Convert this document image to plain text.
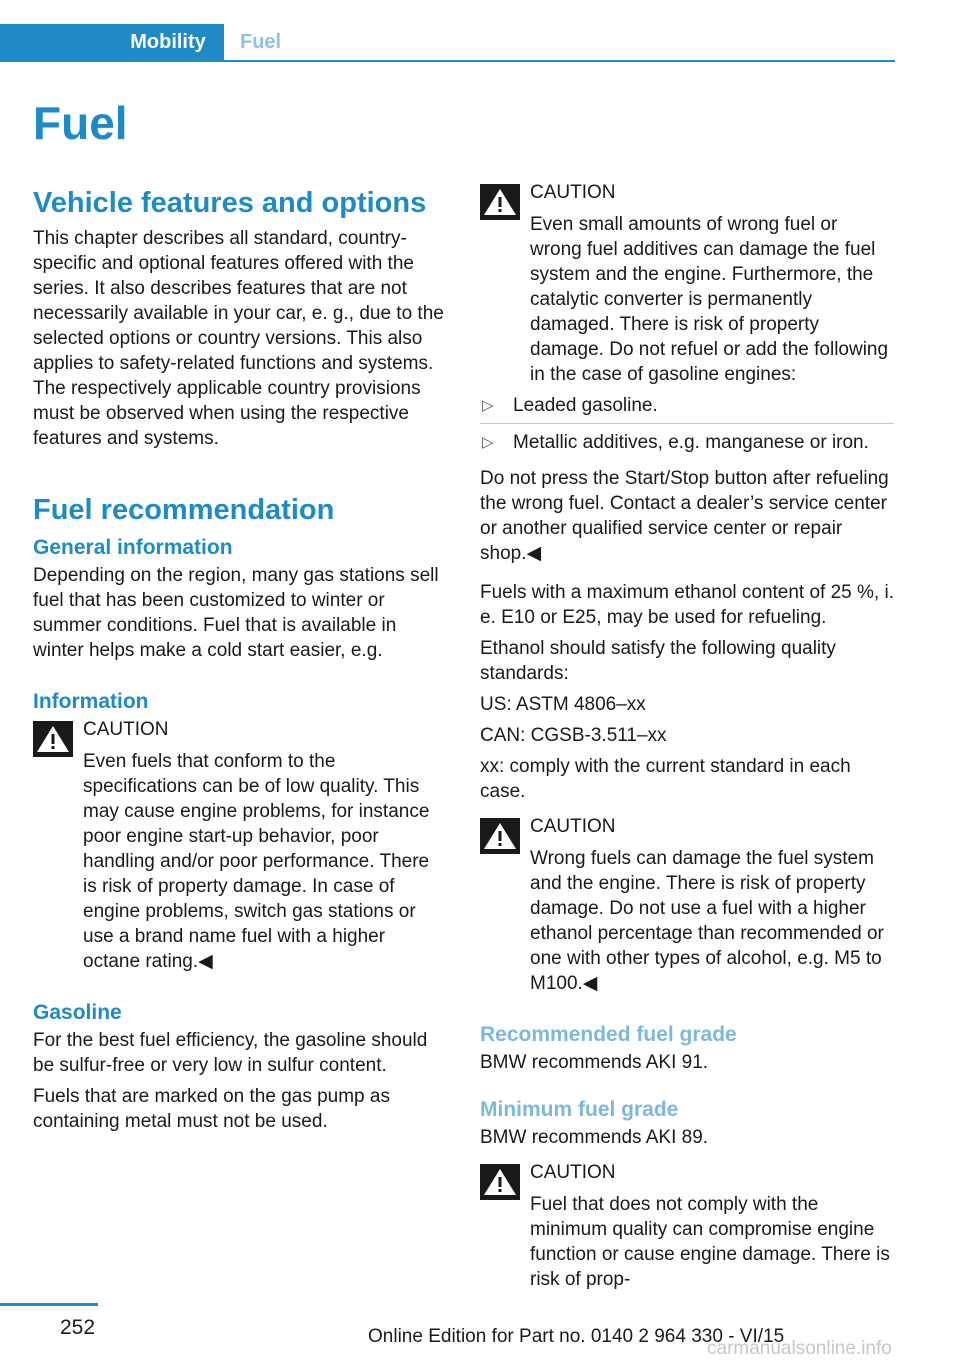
Mobility	Fuel
Fuel
Vehicle features and options

This chapter describes all standard, country-specific and optional features offered with the series. It also describes features that are not necessarily available in your car, e. g., due to the selected options or country versions. This also applies to safety-related functions and systems. The respectively applicable country provisions must be observed when using the respective features and systems.

Fuel recommendation
General information

Depending on the region, many gas stations sell fuel that has been customized to winter or summer conditions. Fuel that is available in winter helps make a cold start easier, e.g.

Information
CAUTION

Even fuels that conform to the specifications can be of low quality. This may cause engine problems, for instance poor engine start-up behavior, poor handling and/or poor performance. There is risk of property damage. In case of engine problems, switch gas stations or use a brand name fuel with a higher octane rating.◀

Gasoline

For the best fuel efficiency, the gasoline should be sulfur-free or very low in sulfur content.

Fuels that are marked on the gas pump as containing metal must not be used.

CAUTION

Even small amounts of wrong fuel or wrong fuel additives can damage the fuel system and the engine. Furthermore, the catalytic converter is permanently damaged. There is risk of property damage. Do not refuel or add the following in the case of gasoline engines:

▷ Leaded gasoline.
▷ Metallic additives, e.g. manganese or iron.

Do not press the Start/Stop button after refueling the wrong fuel. Contact a dealer’s service center or another qualified service center or repair shop.◀

Fuels with a maximum ethanol content of 25 %, i. e. E10 or E25, may be used for refueling.

Ethanol should satisfy the following quality standards:

US: ASTM 4806–xx

CAN: CGSB-3.511–xx

xx: comply with the current standard in each case.

CAUTION

Wrong fuels can damage the fuel system and the engine. There is risk of property damage. Do not use a fuel with a higher ethanol percentage than recommended or one with other types of alcohol, e.g. M5 to M100.◀

Recommended fuel grade

BMW recommends AKI 91.

Minimum fuel grade

BMW recommends AKI 89.

CAUTION

Fuel that does not comply with the minimum quality can compromise engine function or cause engine damage. There is risk of prop-

252	Online Edition for Part no. 0140 2 964 330 - VI/15
carmanualsonline.info
